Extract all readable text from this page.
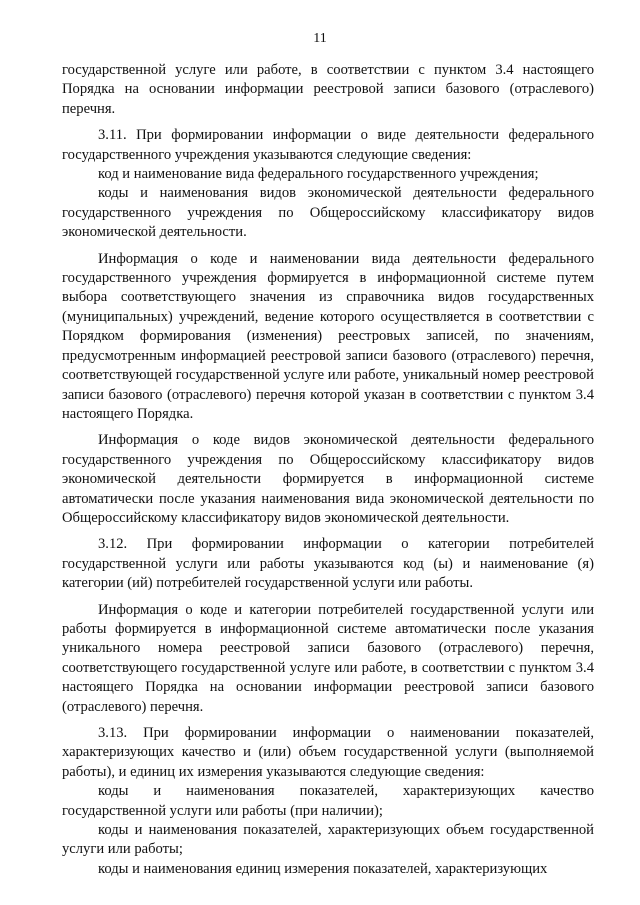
11

государственной услуге или работе, в соответствии с пунктом 3.4 настоящего Порядка на основании информации реестровой записи базового (отраслевого) перечня.

3.11. При формировании информации о виде деятельности федерального государственного учреждения указываются следующие сведения:

код и наименование вида федерального государственного учреждения;

коды и наименования видов экономической деятельности федерального государственного учреждения по Общероссийскому классификатору видов экономической деятельности.

Информация о коде и наименовании вида деятельности федерального государственного учреждения формируется в информационной системе путем выбора соответствующего значения из справочника видов государственных (муниципальных) учреждений, ведение которого осуществляется в соответствии с Порядком формирования (изменения) реестровых записей, по значениям, предусмотренным информацией реестровой записи базового (отраслевого) перечня, соответствующей государственной услуге или работе, уникальный номер реестровой записи базового (отраслевого) перечня которой указан в соответствии с пунктом 3.4 настоящего Порядка.

Информация о коде видов экономической деятельности федерального государственного учреждения по Общероссийскому классификатору видов экономической деятельности формируется в информационной системе автоматически после указания наименования вида экономической деятельности по Общероссийскому классификатору видов экономической деятельности.

3.12. При формировании информации о категории потребителей государственной услуги или работы указываются код (ы) и наименование (я) категории (ий) потребителей государственной услуги или работы.

Информация о коде и категории потребителей государственной услуги или работы формируется в информационной системе автоматически после указания уникального номера реестровой записи базового (отраслевого) перечня, соответствующего государственной услуге или работе, в соответствии с пунктом 3.4 настоящего Порядка на основании информации реестровой записи базового (отраслевого) перечня.

3.13. При формировании информации о наименовании показателей, характеризующих качество и (или) объем государственной услуги (выполняемой работы), и единиц их измерения указываются следующие сведения:

коды и наименования показателей, характеризующих качество государственной услуги или работы (при наличии);

коды и наименования показателей, характеризующих объем государственной услуги или работы;

коды и наименования единиц измерения показателей, характеризующих
